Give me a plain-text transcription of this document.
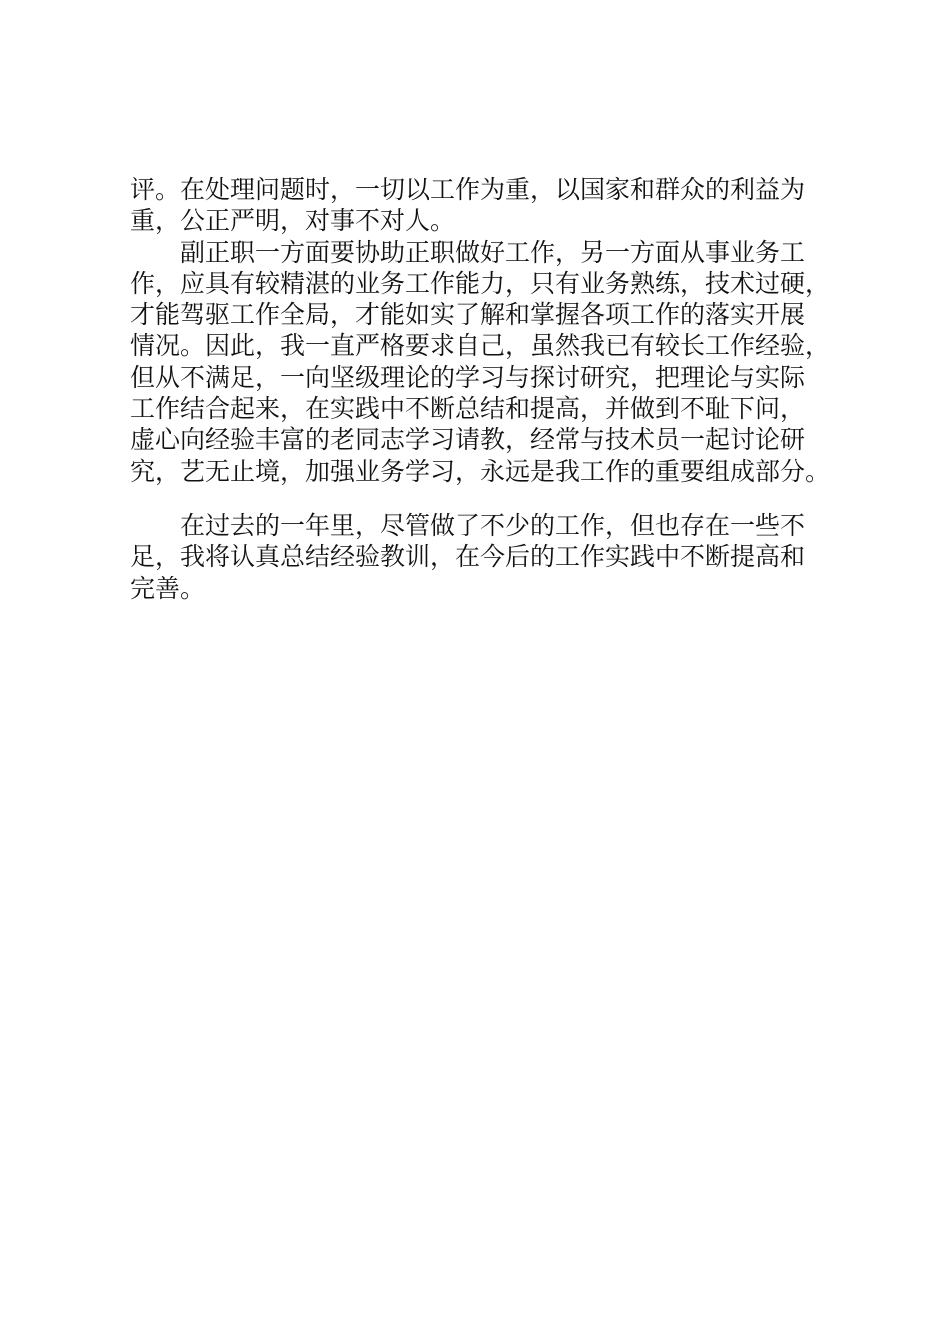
评。在处理问题时，一切以工作为重，以国家和群众的利益为
重，公正严明，对事不对人。
　　副正职一方面要协助正职做好工作，另一方面从事业务工
作，应具有较精湛的业务工作能力，只有业务熟练，技术过硬，
才能驾驱工作全局，才能如实了解和掌握各项工作的落实开展
情况。因此，我一直严格要求自己，虽然我已有较长工作经验，
但从不满足，一向坚级理论的学习与探讨研究，把理论与实际
工作结合起来，在实践中不断总结和提高，并做到不耻下问，
虚心向经验丰富的老同志学习请教，经常与技术员一起讨论研
究，艺无止境，加强业务学习，永远是我工作的重要组成部分。
　　在过去的一年里，尽管做了不少的工作，但也存在一些不
足，我将认真总结经验教训，在今后的工作实践中不断提高和
完善。
